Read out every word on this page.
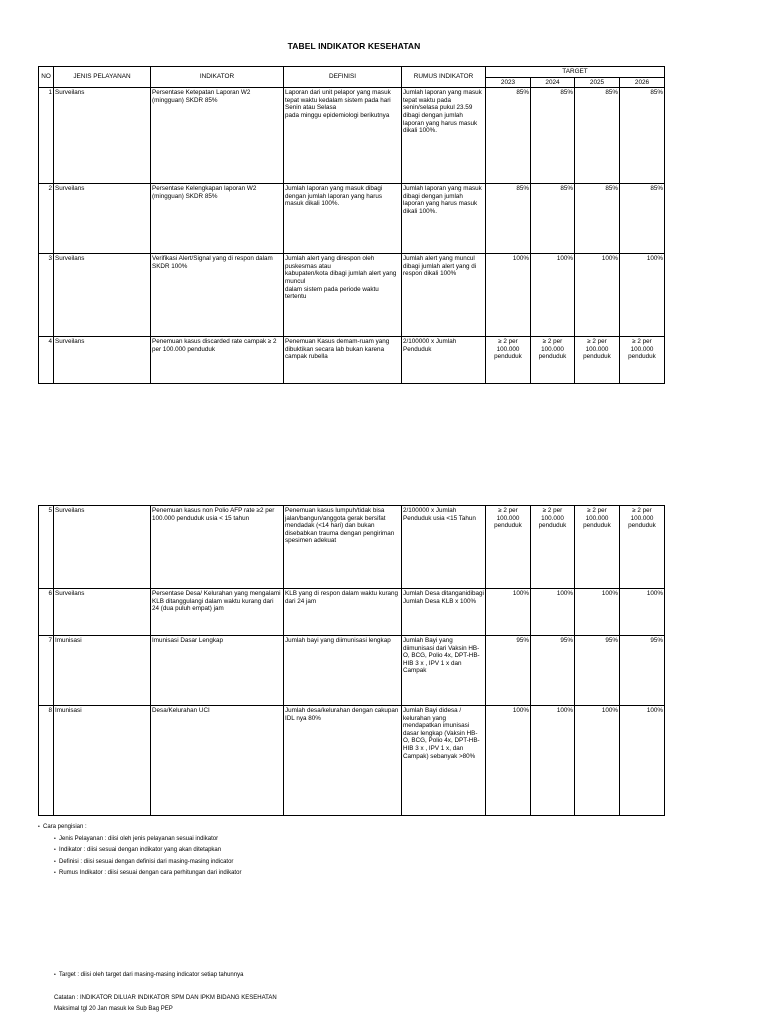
TABEL INDIKATOR KESEHATAN
NO	JENIS PELAYANAN	INDIKATOR	DEFINISI	RUMUS INDIKATOR	TARGET			
					2023	2024	2025	2026
1	Surveilans	Persentase Ketepatan Laporan W2 (mingguan) SKDR 85%	Laporan dari unit pelapor yang masuk tepat waktu kedalam sistem pada hari Senin atau Selasa
pada minggu epidemiologi berikutnya	Jumlah laporan yang masuk tepat waktu pada senin/selasa pukul 23.59
dibagi dengan jumlah laporan yang harus masuk dikali 100%.	85%	85%	85%	85%
2	Surveilans	Persentase Kelengkapan laporan W2 (mingguan) SKDR 85%	Jumlah laporan yang masuk dibagi dengan jumlah laporan yang harus masuk dikali 100%.	Jumlah laporan yang masuk
dibagi dengan jumlah laporan yang harus masuk dikali 100%.	85%	85%	85%	85%
3	Surveilans	Verifikasi Alert/Signal yang di respon dalam SKDR 100%	Jumlah alert yang direspon oleh
puskesmas atau
kabupaten/kota dibagi jumlah alert yang muncul
dalam sistem pada periode waktu tertentu	Jumlah alert yang muncul dibagi jumlah alert yang di respon dikali 100%	100%	100%	100%	100%
4	Surveilans	Penemuan kasus discarded rate campak ≥ 2 per 100.000 penduduk	Penemuan Kasus demam-ruam yang dibuktikan secara lab bukan karena campak rubella	2/100000 x Jumlah Penduduk	≥ 2 per 100.000 penduduk	≥ 2 per 100.000 penduduk	≥ 2 per 100.000 penduduk	≥ 2 per 100.000 penduduk
5	Surveilans	Penemuan kasus non Polio AFP rate ≥2 per 100.000 penduduk usia < 15 tahun	Penemuan kasus lumpuh/tidak bisa
jalan/bangun/anggota gerak bersifat mendadak (<14 hari) dan bukan disebabkan trauma dengan pengiriman spesimen adekuat	2/100000 x Jumlah Penduduk usia <15 Tahun	≥ 2 per 100.000 penduduk	≥ 2 per 100.000 penduduk	≥ 2 per 100.000 penduduk	≥ 2 per 100.000 penduduk
6	Surveilans	Persentase Desa/ Kelurahan yang mengalami KLB ditanggulangi dalam waktu kurang dari 24 (dua puluh empat) jam	KLB yang di respon dalam waktu kurang dari 24 jam	Jumlah Desa ditanganidibagi Jumlah Desa KLB x 100%	100%	100%	100%	100%
7	Imunisasi	Imunisasi Dasar Lengkap	Jumlah bayi yang diimunisasi lengkap	Jumlah Bayi yang diimunisasi dari Vaksin HB-O, BCG, Polio 4x, DPT-HB-HIB 3 x , IPV 1 x dan Campak	95%	95%	95%	95%
8	Imunisasi	Desa/Kelurahan UCI	Jumlah desa/kelurahan dengan cakupan IDL nya 80%	Jumlah Bayi didesa / kelurahan yang mendapatkan imunisasi dasar lengkap (Vaksin HB-O, BCG, Polio 4x, DPT-HB-HIB 3 x , IPV 1 x, dan Campak) sebanyak >80%	100%	100%	100%	100%
• Cara pengisian :
• Jenis Pelayanan : diisi oleh jenis pelayanan sesuai indikator
• Indikator : diisi sesuai dengan indikator yang akan ditetapkan
• Definisi : diisi sesuai dengan definisi dari masing-masing indicator
• Rumus Indikator : diisi sesuai dengan cara perhitungan dari indikator
• Target : diisi oleh target dari masing-masing indicator setiap tahunnya
Catatan : INDIKATOR DILUAR INDIKATOR SPM DAN IPKM BIDANG KESEHATAN
Maksimal tgl 20 Jan masuk ke Sub Bag PEP
